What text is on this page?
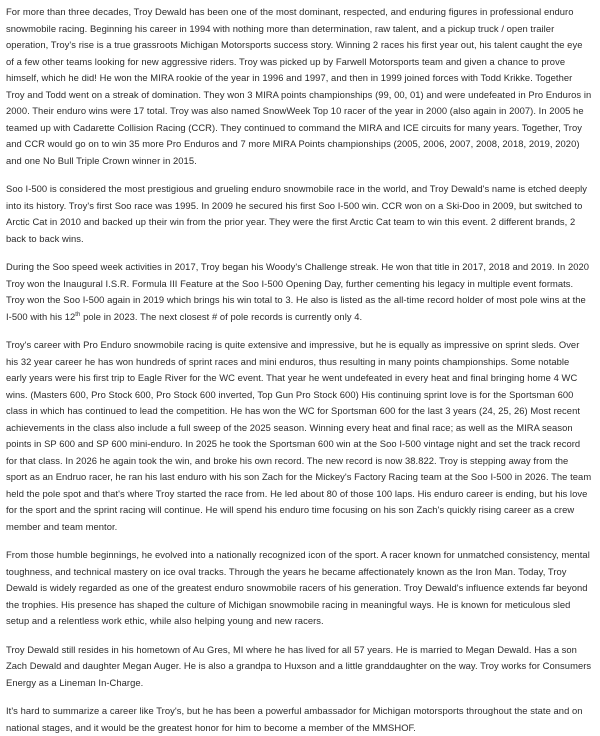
For more than three decades, Troy Dewald has been one of the most dominant, respected, and enduring figures in professional enduro snowmobile racing. Beginning his career in 1994 with nothing more than determination, raw talent, and a pickup truck / open trailer operation, Troy's rise is a true grassroots Michigan Motorsports success story. Winning 2 races his first year out, his talent caught the eye of a few other teams looking for new aggressive riders. Troy was picked up by Farwell Motorsports team and given a chance to prove himself, which he did! He won the MIRA rookie of the year in 1996 and 1997, and then in 1999 joined forces with Todd Krikke. Together Troy and Todd went on a streak of domination. They won 3 MIRA points championships (99, 00, 01) and were undefeated in Pro Enduros in 2000. Their enduro wins were 17 total. Troy was also named SnowWeek Top 10 racer of the year in 2000 (also again in 2007). In 2005 he teamed up with Cadarette Collision Racing (CCR). They continued to command the MIRA and ICE circuits for many years. Together, Troy and CCR would go on to win 35 more Pro Enduros and 7 more MIRA Points championships (2005, 2006, 2007, 2008, 2018, 2019, 2020) and one No Bull Triple Crown winner in 2015.

Soo I-500 is considered the most prestigious and grueling enduro snowmobile race in the world, and Troy Dewald's name is etched deeply into its history. Troy's first Soo race was 1995. In 2009 he secured his first Soo I-500 win. CCR won on a Ski-Doo in 2009, but switched to Arctic Cat in 2010 and backed up their win from the prior year. They were the first Arctic Cat team to win this event. 2 different brands, 2 back to back wins.

During the Soo speed week activities in 2017, Troy began his Woody's Challenge streak. He won that title in 2017, 2018 and 2019. In 2020 Troy won the Inaugural I.S.R. Formula III Feature at the Soo I-500 Opening Day, further cementing his legacy in multiple event formats. Troy won the Soo I-500 again in 2019 which brings his win total to 3. He also is listed as the all-time record holder of most pole wins at the I-500 with his 12th pole in 2023. The next closest # of pole records is currently only 4.

Troy's career with Pro Enduro snowmobile racing is quite extensive and impressive, but he is equally as impressive on sprint sleds. Over his 32 year career he has won hundreds of sprint races and mini enduros, thus resulting in many points championships. Some notable early years were his first trip to Eagle River for the WC event. That year he went undefeated in every heat and final bringing home 4 WC wins. (Masters 600, Pro Stock 600, Pro Stock 600 inverted, Top Gun Pro Stock 600) His continuing sprint love is for the Sportsman 600 class in which has continued to lead the competition. He has won the WC for Sportsman 600 for the last 3 years (24, 25, 26) Most recent achievements in the class also include a full sweep of the 2025 season. Winning every heat and final race; as well as the MIRA season points in SP 600 and SP 600 mini-enduro. In 2025 he took the Sportsman 600 win at the Soo I-500 vintage night and set the track record for that class. In 2026 he again took the win, and broke his own record. The new record is now 38.822. Troy is stepping away from the sport as an Endruo racer, he ran his last enduro with his son Zach for the Mickey's Factory Racing team at the Soo I-500 in 2026. The team held the pole spot and that's where Troy started the race from. He led about 80 of those 100 laps. His enduro career is ending, but his love for the sport and the sprint racing will continue. He will spend his enduro time focusing on his son Zach's quickly rising career as a crew member and team mentor.

From those humble beginnings, he evolved into a nationally recognized icon of the sport. A racer known for unmatched consistency, mental toughness, and technical mastery on ice oval tracks. Through the years he became affectionately known as the Iron Man. Today, Troy Dewald is widely regarded as one of the greatest enduro snowmobile racers of his generation. Troy Dewald's influence extends far beyond the trophies. His presence has shaped the culture of Michigan snowmobile racing in meaningful ways. He is known for meticulous sled setup and a relentless work ethic, while also helping young and new racers.

Troy Dewald still resides in his hometown of Au Gres, MI where he has lived for all 57 years. He is married to Megan Dewald. Has a son Zach Dewald and daughter Megan Auger. He is also a grandpa to Huxson and a little granddaughter on the way. Troy works for Consumers Energy as a Lineman In-Charge.

It's hard to summarize a career like Troy's, but he has been a powerful ambassador for Michigan motorsports throughout the state and on national stages, and it would be the greatest honor for him to become a member of the MMSHOF.
